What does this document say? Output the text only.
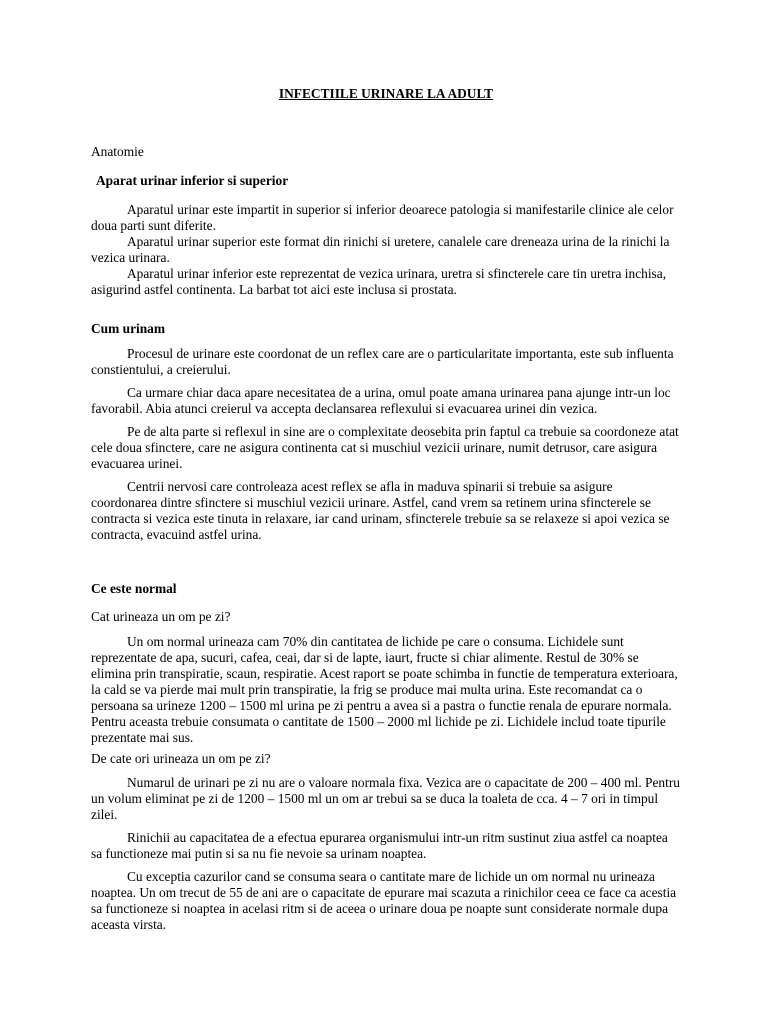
INFECTIILE URINARE LA ADULT
Anatomie
Aparat urinar inferior si superior

Aparatul urinar este impartit in superior si inferior deoarece patologia si manifestarile clinice ale celor doua parti sunt diferite.

Aparatul urinar superior este format din rinichi si uretere, canalele care dreneaza urina de la rinichi la vezica urinara.

Aparatul urinar inferior este reprezentat de vezica urinara, uretra si sfincterele care tin uretra inchisa, asigurind astfel continenta. La barbat tot aici este inclusa si prostata.

Cum urinam
Procesul de urinare este coordonat de un reflex care are o particularitate importanta, este sub influenta constientului, a creierului.
Ca urmare chiar daca apare necesitatea de a urina, omul poate amana urinarea pana ajunge intr-un loc favorabil. Abia atunci creierul va accepta declansarea reflexului si evacuarea urinei din vezica.
Pe de alta parte si reflexul in sine are o complexitate deosebita prin faptul ca trebuie sa coordoneze atat cele doua sfinctere, care ne asigura continenta cat si muschiul vezicii urinare, numit detrusor, care asigura evacuarea urinei.
Centrii nervosi care controleaza acest reflex se afla in maduva spinarii si trebuie sa asigure coordonarea dintre sfinctere si muschiul vezicii urinare. Astfel, cand vrem sa retinem urina sfincterele se contracta si vezica este tinuta in relaxare, iar cand urinam, sfincterele trebuie sa se relaxeze si apoi vezica se contracta, evacuind astfel urina.
Ce este normal
Cat urineaza un om pe zi?
Un om normal urineaza cam 70% din cantitatea de lichide pe care o consuma. Lichidele sunt reprezentate de apa, sucuri, cafea, ceai, dar si de lapte, iaurt, fructe si chiar alimente. Restul de 30% se elimina prin transpiratie, scaun, respiratie. Acest raport se poate schimba in functie de temperatura exterioara, la cald se va pierde mai mult prin transpiratie, la frig se produce mai multa urina. Este recomandat ca o persoana sa urineze 1200 – 1500 ml urina pe zi pentru a avea si a pastra o functie renala de epurare normala. Pentru aceasta trebuie consumata o cantitate de 1500 – 2000 ml lichide pe zi. Lichidele includ toate tipurile prezentate mai sus.
De cate ori urineaza un om pe zi?
Numarul de urinari pe zi nu are o valoare normala fixa. Vezica are o capacitate de 200 – 400 ml. Pentru un volum eliminat pe zi de 1200 – 1500 ml un om ar trebui sa se duca la toaleta de cca. 4 – 7 ori in timpul zilei.
Rinichii au capacitatea de a efectua epurarea organismului intr-un ritm sustinut ziua astfel ca noaptea sa functioneze mai putin si sa nu fie nevoie sa urinam noaptea.
Cu exceptia cazurilor cand se consuma seara o cantitate mare de lichide un om normal nu urineaza noaptea. Un om trecut de 55 de ani are o capacitate de epurare mai scazuta a rinichilor ceea ce face ca acestia sa functioneze si noaptea in acelasi ritm si de aceea o urinare doua pe noapte sunt considerate normale dupa aceasta virsta.
